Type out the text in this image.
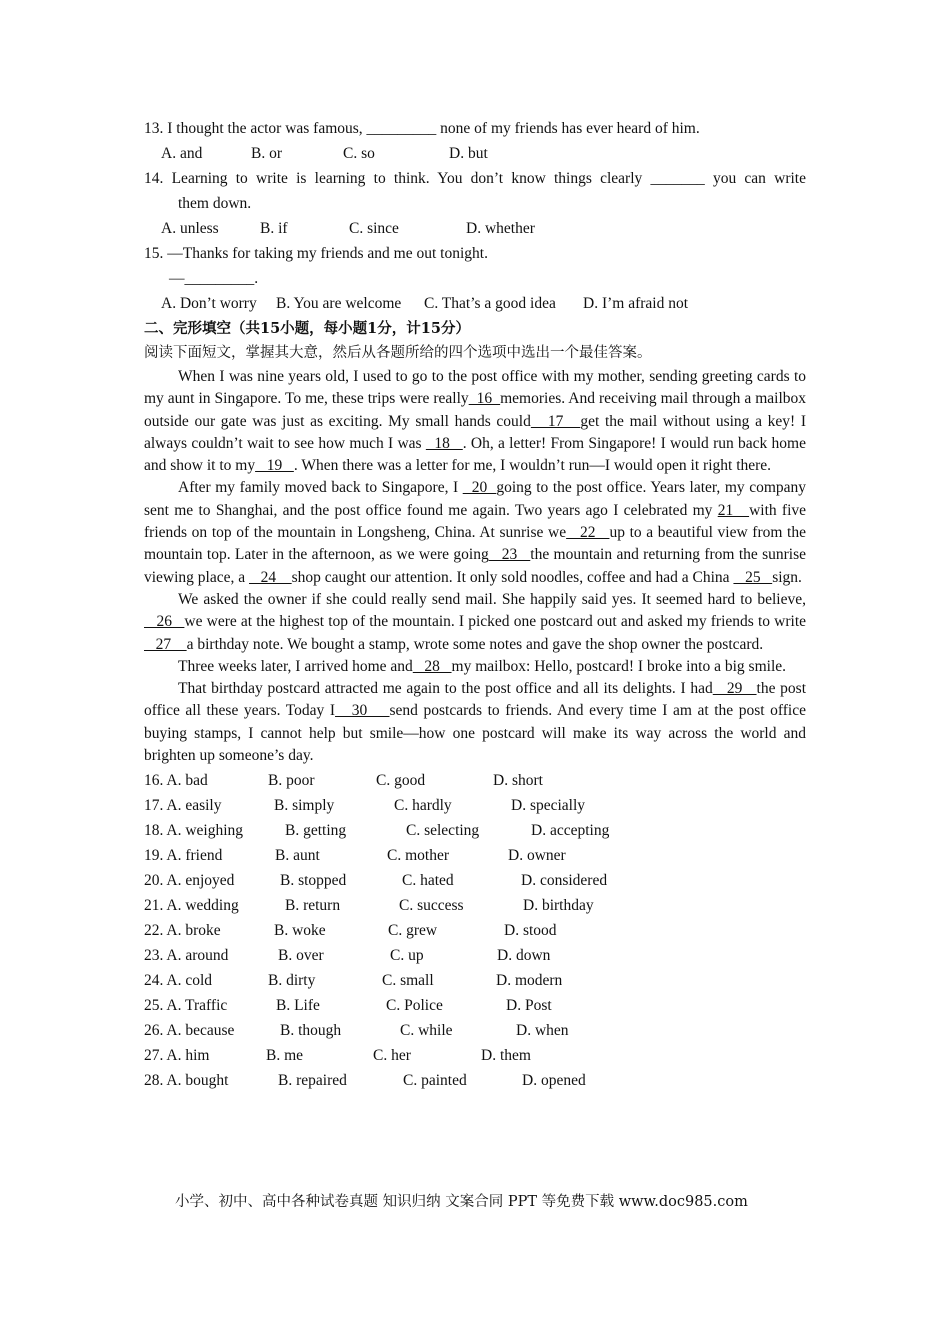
13. I thought the actor was famous, _________ none of my friends has ever heard of him.
A. and	B. or	C. so	D. but
14. Learning to write is learning to think. You don’t know things clearly _______ you can write
them down.
A. unless	B. if	C. since	D. whether
15. —Thanks for taking my friends and me out tonight.
—_________.
A. Don’t worry B. You are welcome C. That’s a good idea D. I’m afraid not
二、完形填空（共15小题，每小题1分，计15分）
阅读下面短文，掌握其大意，然后从各题所给的四个选项中选出一个最佳答案。

When I was nine years old, I used to go to the post office with my mother, sending greeting cards to my aunt in Singapore. To me, these trips were really  16  memories. And receiving mail through a mailbox outside our gate was just as exciting. My small hands could   17   get the mail without using a key! I always couldn’t wait to see how much I was   18   . Oh, a letter! From Singapore! I would run back home and show it to my   19   . When there was a letter for me, I wouldn’t run—I would open it right there.

After my family moved back to Singapore, I   20  going to the post office. Years later, my company sent me to Shanghai, and the post office found me again. Two years ago I celebrated my 21   with five friends on top of the mountain in Longsheng, China. At sunrise we   22   up to a beautiful view from the mountain top. Later in the afternoon, as we were going   23   the mountain and returning from the sunrise viewing place, a    24    shop caught our attention. It only sold noodles, coffee and had a China    25   sign.

We asked the owner if she could really send mail. She happily said yes. It seemed hard to believe,   26   we were at the highest top of the mountain. I picked one postcard out and asked my friends to write   27    a birthday note. We bought a stamp, wrote some notes and gave the shop owner the postcard.

Three weeks later, I arrived home and   28   my mailbox: Hello, postcard! I broke into a big smile.

That birthday postcard attracted me again to the post office and all its delights. I had   29   the post office all these years. Today I   30    send postcards to friends. And every time I am at the post office buying stamps, I cannot help but smile—how one postcard will make its way across the world and brighten up someone’s day.

16. A. bad	B. poor	C. good	D. short
17. A. easily	B. simply	C. hardly	D. specially
18. A. weighing	B. getting	C. selecting	D. accepting
19. A. friend	B. aunt	C. mother	D. owner
20. A. enjoyed	B. stopped	C. hated	D. considered
21. A. wedding	B. return	C. success	D. birthday
22. A. broke	B. woke	C. grew	D. stood
23. A. around	B. over	C. up	D. down
24. A. cold	B. dirty	C. small	D. modern
25. A. Traffic	B. Life	C. Police	D. Post
26. A. because	B. though	C. while	D. when
27. A. him	B. me	C. her	D. them
28. A. bought	B. repaired	C. painted	D. opened
小学、初中、高中各种试卷真题 知识归纳 文案合同 PPT 等免费下载 www.doc985.com
